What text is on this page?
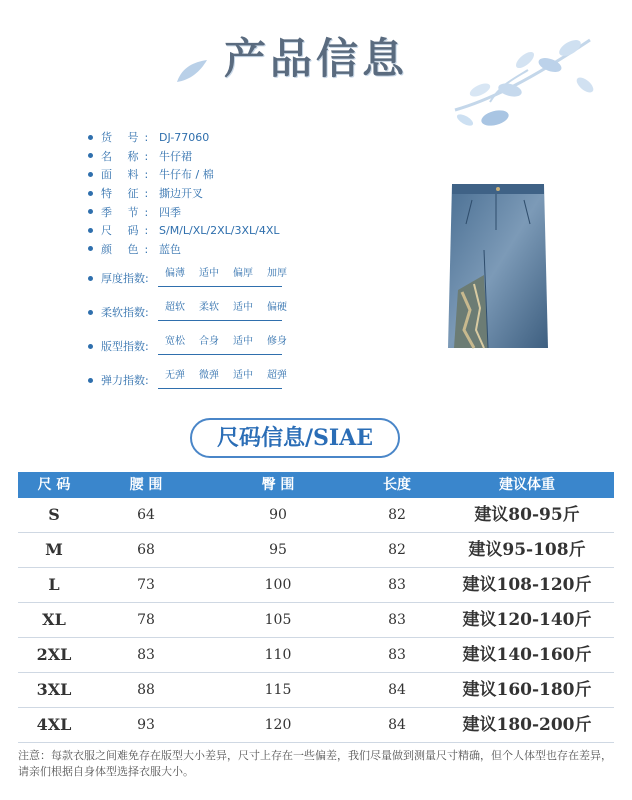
产品信息
货 号: DJ-77060
名 称: 牛仔裙
面 料: 牛仔布 / 棉
特 征: 撕边开叉
季 节: 四季
尺 码: S/M/L/XL/2XL/3XL/4XL
颜 色: 蓝色
厚度指数:	偏薄	适中	偏厚	加厚
柔软指数:	超软	柔软	适中	偏硬
版型指数:	宽松	合身	适中	修身
弹力指数:	无弹	微弹	适中	超弹
尺码信息/SIAE
尺 码	腰 围	臀 围	长度	建议体重
S	64	90	82	建议80-95斤
M	68	95	82	建议95-108斤
L	73	100	83	建议108-120斤
XL	78	105	83	建议120-140斤
2XL	83	110	83	建议140-160斤
3XL	88	115	84	建议160-180斤
4XL	93	120	84	建议180-200斤
注意：每款衣服之间难免存在版型大小差异，尺寸上存在一些偏差，我们尽量做到测量尺寸精确，但个人体型也存在差异，请亲们根据自身体型选择衣服大小。
